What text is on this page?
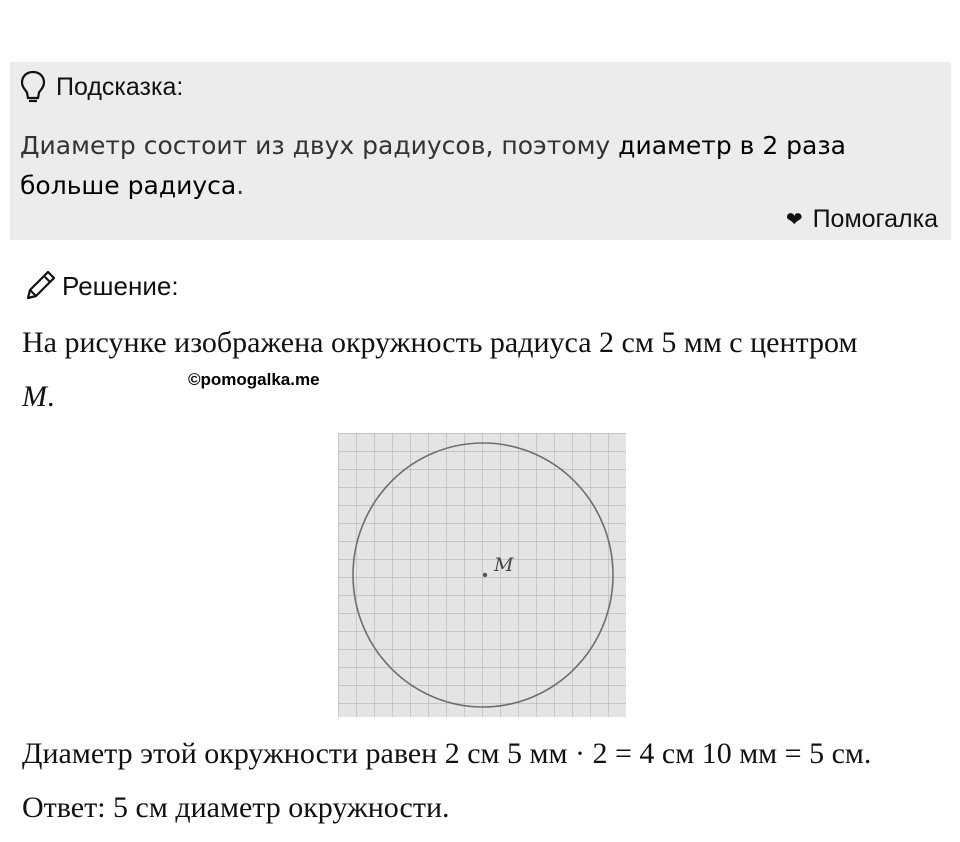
Подсказка:
Диаметр состоит из двух радиусов, поэтому диаметр в 2 раза больше радиуса.
❤ Помогалка
Решение:
На рисунке изображена окружность радиуса 2 см 5 мм с центром
M.
©pomogalka.me
M
Диаметр этой окружности равен 2 см 5 мм · 2 = 4 см 10 мм = 5 см.
Ответ: 5 см диаметр окружности.
